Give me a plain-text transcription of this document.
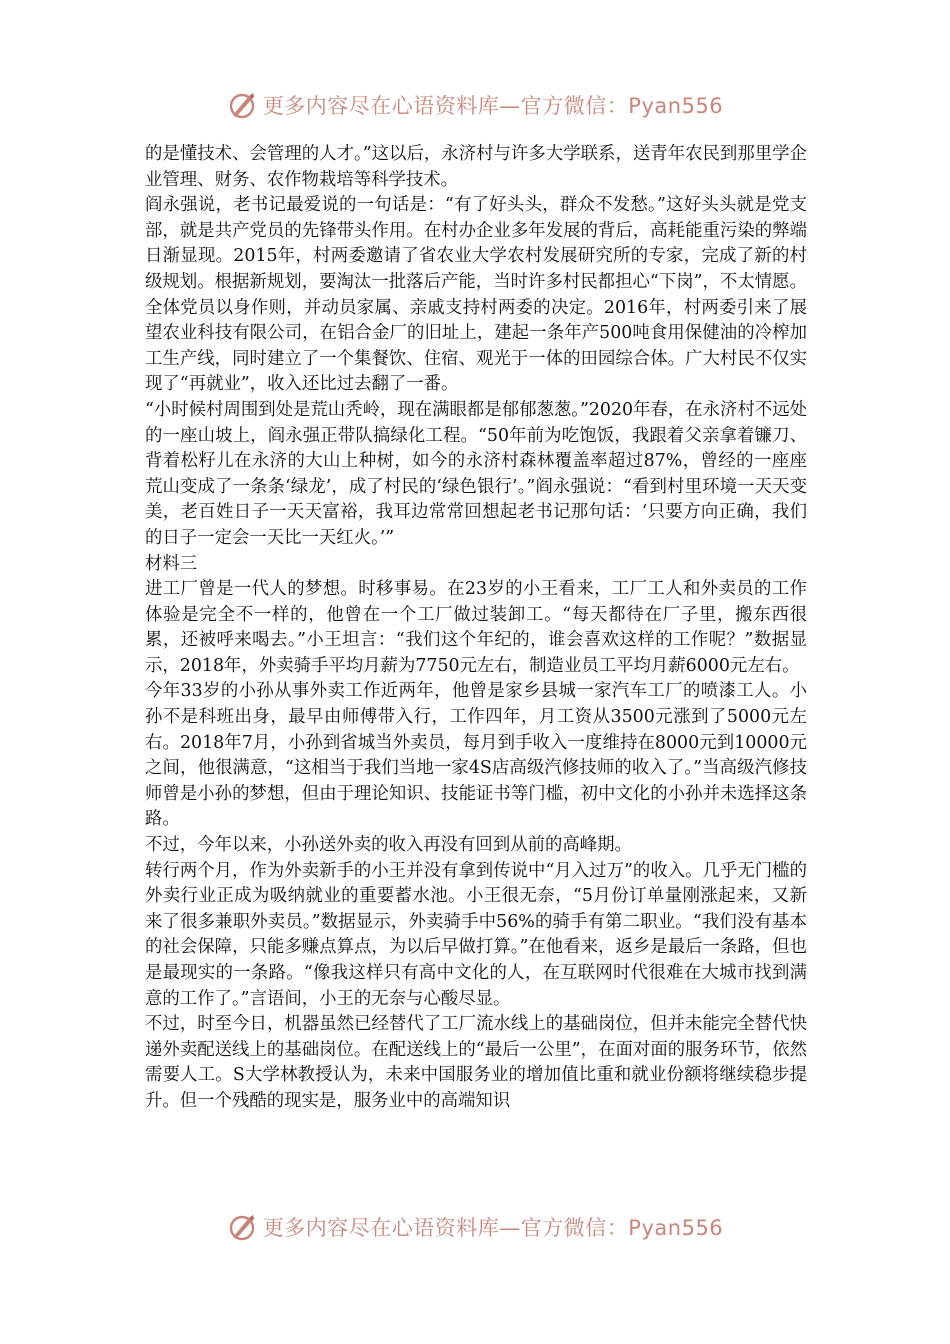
更多内容尽在心语资料库—官方微信：Pyan556

的是懂技术、会管理的人才。”这以后，永济村与许多大学联系，送青年农民到那里学企业管理、财务、农作物栽培等科学技术。

阎永强说，老书记最爱说的一句话是：“有了好头头，群众不发愁。”这好头头就是党支部，就是共产党员的先锋带头作用。在村办企业多年发展的背后，高耗能重污染的弊端日渐显现。2015年，村两委邀请了省农业大学农村发展研究所的专家，完成了新的村级规划。根据新规划，要淘汰一批落后产能，当时许多村民都担心“下岗”，不太情愿。全体党员以身作则，并动员家属、亲戚支持村两委的决定。2016年，村两委引来了展望农业科技有限公司，在铝合金厂的旧址上，建起一条年产500吨食用保健油的冷榨加工生产线，同时建立了一个集餐饮、住宿、观光于一体的田园综合体。广大村民不仅实现了“再就业”，收入还比过去翻了一番。

“小时候村周围到处是荒山秃岭，现在满眼都是郁郁葱葱。”2020年春，在永济村不远处的一座山坡上，阎永强正带队搞绿化工程。“50年前为吃饱饭，我跟着父亲拿着镰刀、背着松籽儿在永济的大山上种树，如今的永济村森林覆盖率超过87%，曾经的一座座荒山变成了一条条‘绿龙’，成了村民的‘绿色银行’。”阎永强说：“看到村里环境一天天变美，老百姓日子一天天富裕，我耳边常常回想起老书记那句话：‘只要方向正确，我们的日子一定会一天比一天红火。’”

材料三

进工厂曾是一代人的梦想。时移事易。在23岁的小王看来，工厂工人和外卖员的工作体验是完全不一样的，他曾在一个工厂做过装卸工。“每天都待在厂子里，搬东西很累，还被呼来喝去。”小王坦言：“我们这个年纪的，谁会喜欢这样的工作呢？”数据显示，2018年，外卖骑手平均月薪为7750元左右，制造业员工平均月薪6000元左右。

今年33岁的小孙从事外卖工作近两年，他曾是家乡县城一家汽车工厂的喷漆工人。小孙不是科班出身，最早由师傅带入行，工作四年，月工资从3500元涨到了5000元左右。2018年7月，小孙到省城当外卖员，每月到手收入一度维持在8000元到10000元之间，他很满意，“这相当于我们当地一家4S店高级汽修技师的收入了。”当高级汽修技师曾是小孙的梦想，但由于理论知识、技能证书等门槛，初中文化的小孙并未选择这条路。

不过，今年以来，小孙送外卖的收入再没有回到从前的高峰期。

转行两个月，作为外卖新手的小王并没有拿到传说中“月入过万”的收入。几乎无门槛的外卖行业正成为吸纳就业的重要蓄水池。小王很无奈，“5月份订单量刚涨起来，又新来了很多兼职外卖员。”数据显示，外卖骑手中56%的骑手有第二职业。“我们没有基本的社会保障，只能多赚点算点，为以后早做打算。”在他看来，返乡是最后一条路，但也是最现实的一条路。“像我这样只有高中文化的人，在互联网时代很难在大城市找到满意的工作了。”言语间，小王的无奈与心酸尽显。

不过，时至今日，机器虽然已经替代了工厂流水线上的基础岗位，但并未能完全替代快递外卖配送线上的基础岗位。在配送线上的“最后一公里”，在面对面的服务环节，依然需要人工。S大学林教授认为，未来中国服务业的增加值比重和就业份额将继续稳步提升。但一个残酷的现实是，服务业中的高端知识

更多内容尽在心语资料库—官方微信：Pyan556
